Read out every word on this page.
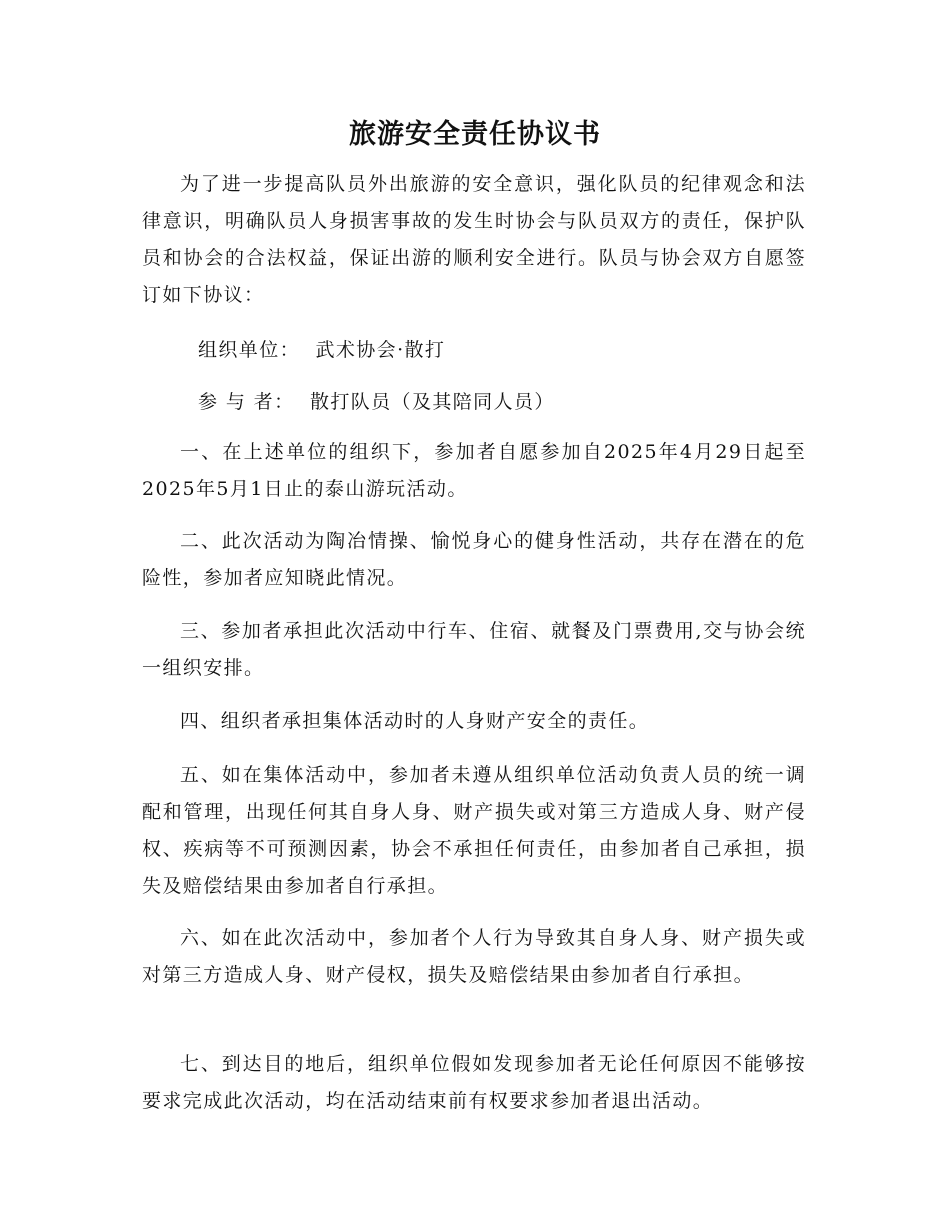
旅游安全责任协议书
为了进一步提高队员外出旅游的安全意识，强化队员的纪律观念和法律意识，明确队员人身损害事故的发生时协会与队员双方的责任，保护队员和协会的合法权益，保证出游的顺利安全进行。队员与协会双方自愿签订如下协议：
组织单位： 武术协会·散打
参 与 者： 散打队员（及其陪同人员）
一、在上述单位的组织下，参加者自愿参加自2025年4月29日起至2025年5月1日止的泰山游玩活动。
二、此次活动为陶冶情操、愉悦身心的健身性活动，共存在潜在的危险性，参加者应知晓此情况。
三、参加者承担此次活动中行车、住宿、就餐及门票费用,交与协会统一组织安排。
四、组织者承担集体活动时的人身财产安全的责任。
五、如在集体活动中，参加者未遵从组织单位活动负责人员的统一调配和管理，出现任何其自身人身、财产损失或对第三方造成人身、财产侵权、疾病等不可预测因素，协会不承担任何责任，由参加者自己承担，损失及赔偿结果由参加者自行承担。
六、如在此次活动中，参加者个人行为导致其自身人身、财产损失或对第三方造成人身、财产侵权，损失及赔偿结果由参加者自行承担。
七、到达目的地后，组织单位假如发现参加者无论任何原因不能够按要求完成此次活动，均在活动结束前有权要求参加者退出活动。
